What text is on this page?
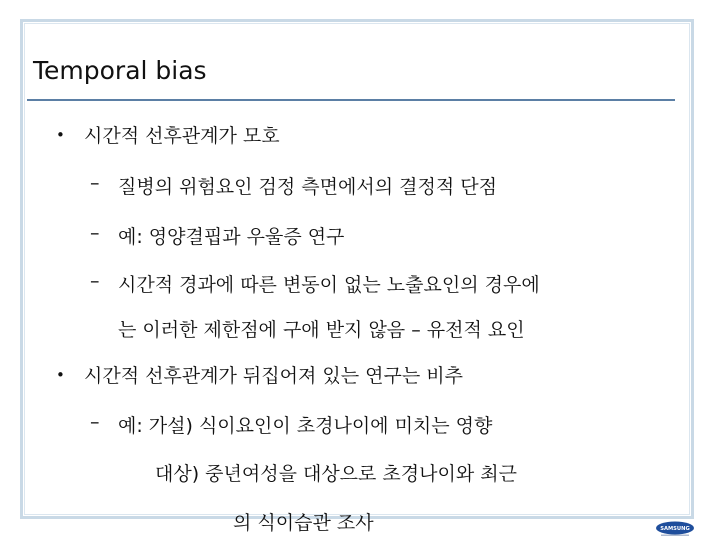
Temporal bias
• 시간적 선후관계가 모호
– 질병의 위험요인 검정 측면에서의 결정적 단점
– 예: 영양결핍과 우울증 연구
– 시간적 경과에 따른 변동이 없는 노출요인의 경우에
는 이러한 제한점에 구애 받지 않음 – 유전적 요인
• 시간적 선후관계가 뒤집어져 있는 연구는 비추
– 예: 가설) 식이요인이 초경나이에 미치는 영향
대상) 중년여성을 대상으로 초경나이와 최근
의 식이습관 조사	SAMSUNG
